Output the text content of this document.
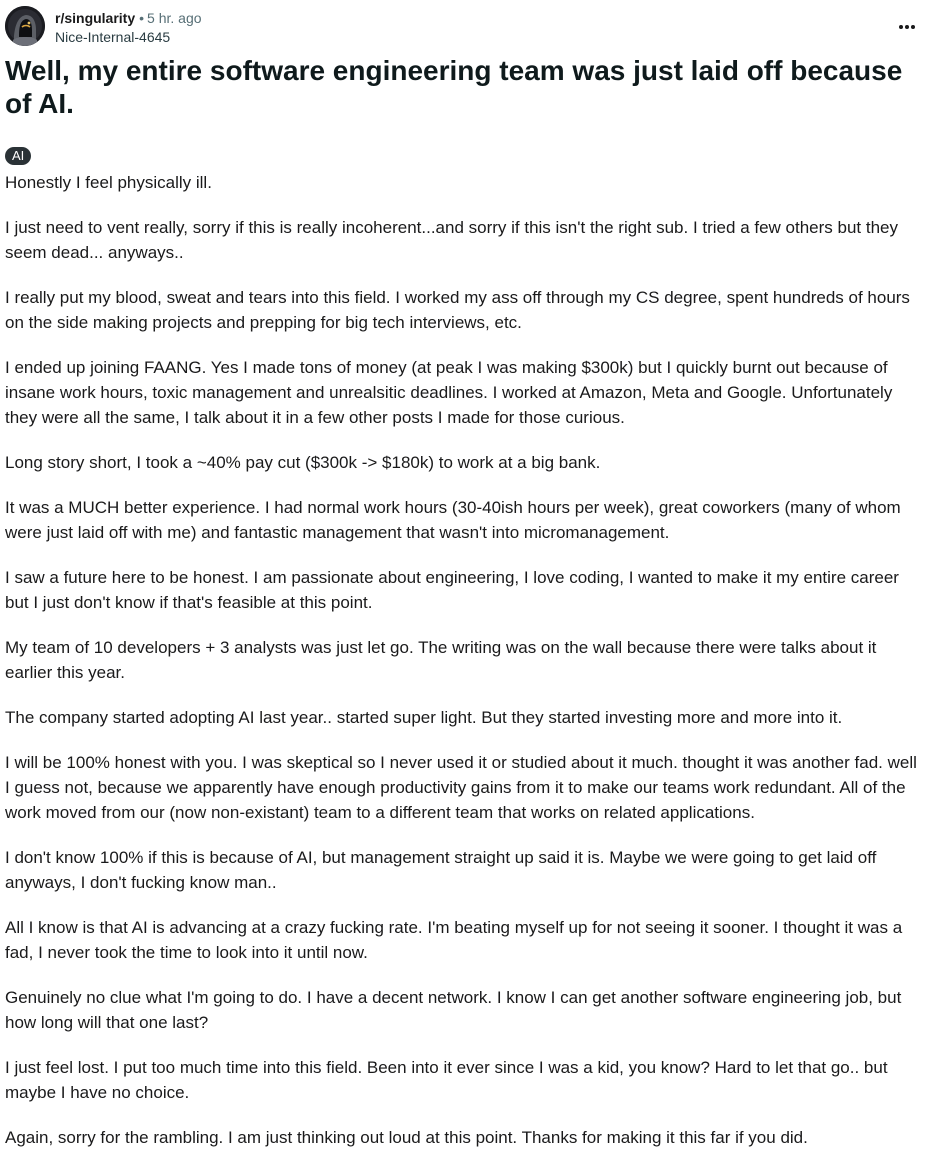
r/singularity • 5 hr. ago
Nice-Internal-4645
Well, my entire software engineering team was just laid off because of AI.
AI

Honestly I feel physically ill.

I just need to vent really, sorry if this is really incoherent...and sorry if this isn't the right sub. I tried a few others but they seem dead... anyways..

I really put my blood, sweat and tears into this field. I worked my ass off through my CS degree, spent hundreds of hours on the side making projects and prepping for big tech interviews, etc.

I ended up joining FAANG. Yes I made tons of money (at peak I was making $300k) but I quickly burnt out because of insane work hours, toxic management and unrealsitic deadlines. I worked at Amazon, Meta and Google. Unfortunately they were all the same, I talk about it in a few other posts I made for those curious.

Long story short, I took a ~40% pay cut ($300k -> $180k) to work at a big bank.

It was a MUCH better experience. I had normal work hours (30-40ish hours per week), great coworkers (many of whom were just laid off with me) and fantastic management that wasn't into micromanagement.

I saw a future here to be honest. I am passionate about engineering, I love coding, I wanted to make it my entire career but I just don't know if that's feasible at this point.

My team of 10 developers + 3 analysts was just let go. The writing was on the wall because there were talks about it earlier this year.

The company started adopting AI last year.. started super light. But they started investing more and more into it.

I will be 100% honest with you. I was skeptical so I never used it or studied about it much. thought it was another fad. well I guess not, because we apparently have enough productivity gains from it to make our teams work redundant. All of the work moved from our (now non-existant) team to a different team that works on related applications.

I don't know 100% if this is because of AI, but management straight up said it is. Maybe we were going to get laid off anyways, I don't fucking know man..

All I know is that AI is advancing at a crazy fucking rate. I'm beating myself up for not seeing it sooner. I thought it was a fad, I never took the time to look into it until now.

Genuinely no clue what I'm going to do. I have a decent network. I know I can get another software engineering job, but how long will that one last?

I just feel lost. I put too much time into this field. Been into it ever since I was a kid, you know? Hard to let that go.. but maybe I have no choice.

Again, sorry for the rambling. I am just thinking out loud at this point. Thanks for making it this far if you did.
